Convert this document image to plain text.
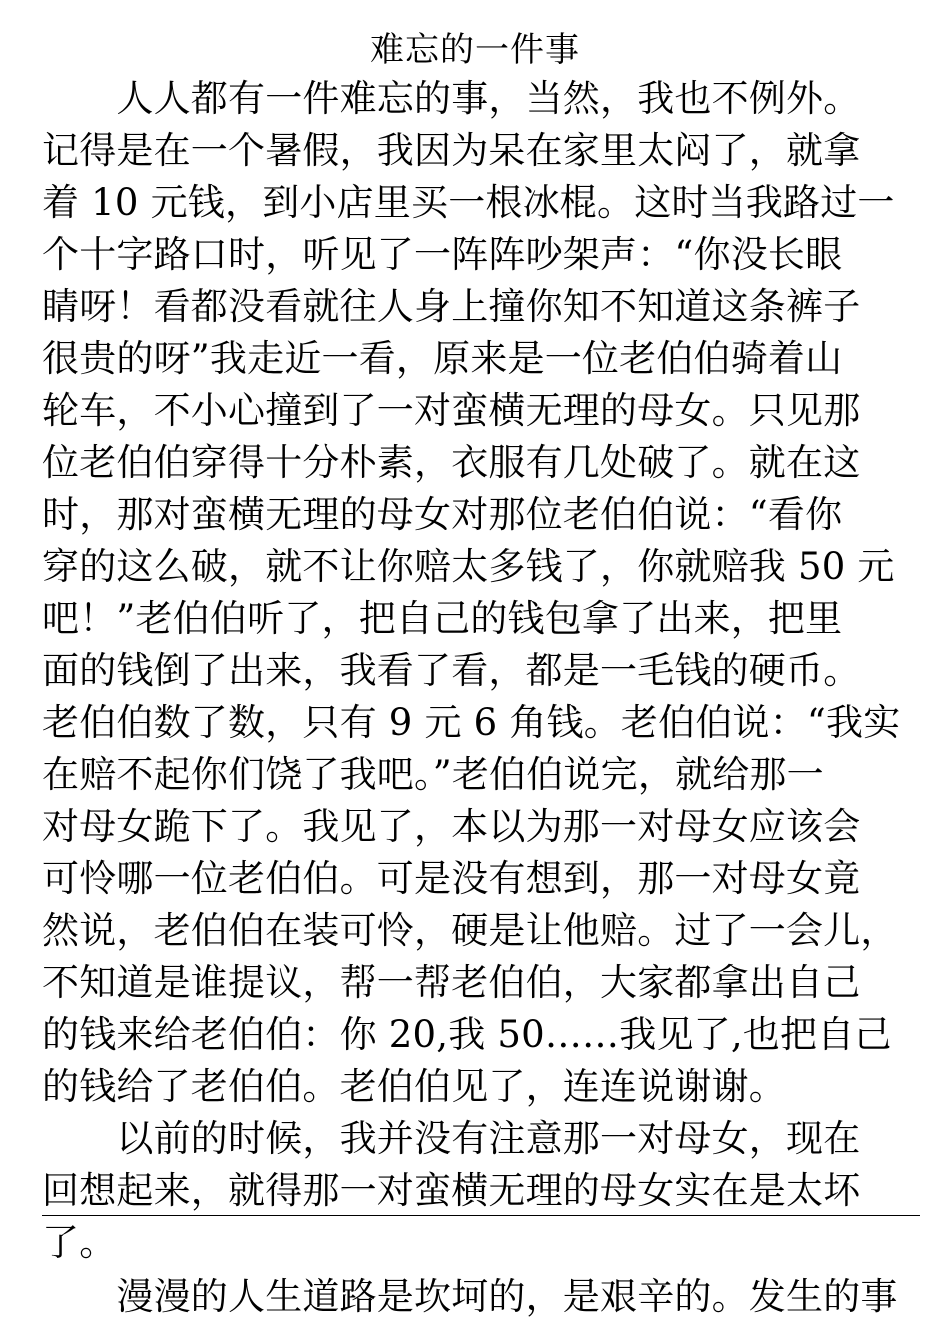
难忘的一件事
　　人人都有一件难忘的事，当然，我也不例外。
记得是在一个暑假，我因为呆在家里太闷了，就拿
着 10 元钱，到小店里买一根冰棍。这时当我路过一
个十字路口时，听见了一阵阵吵架声：“你没长眼
睛呀！看都没看就往人身上撞你知不知道这条裤子
很贵的呀”我走近一看，原来是一位老伯伯骑着山
轮车，不小心撞到了一对蛮横无理的母女。只见那
位老伯伯穿得十分朴素，衣服有几处破了。就在这
时，那对蛮横无理的母女对那位老伯伯说：“看你
穿的这么破，就不让你赔太多钱了，你就赔我 50 元
吧！”老伯伯听了，把自己的钱包拿了出来，把里
面的钱倒了出来，我看了看，都是一毛钱的硬币。
老伯伯数了数，只有 9 元 6 角钱。老伯伯说：“我实
在赔不起你们饶了我吧。”老伯伯说完，就给那一
对母女跪下了。我见了，本以为那一对母女应该会
可怜哪一位老伯伯。可是没有想到，那一对母女竟
然说，老伯伯在装可怜，硬是让他赔。过了一会儿，
不知道是谁提议，帮一帮老伯伯，大家都拿出自己
的钱来给老伯伯：你 20,我 50……我见了,也把自己
的钱给了老伯伯。老伯伯见了，连连说谢谢。
　　以前的时候，我并没有注意那一对母女，现在
回想起来，就得那一对蛮横无理的母女实在是太坏
了。
　　漫漫的人生道路是坎坷的，是艰辛的。发生的事
